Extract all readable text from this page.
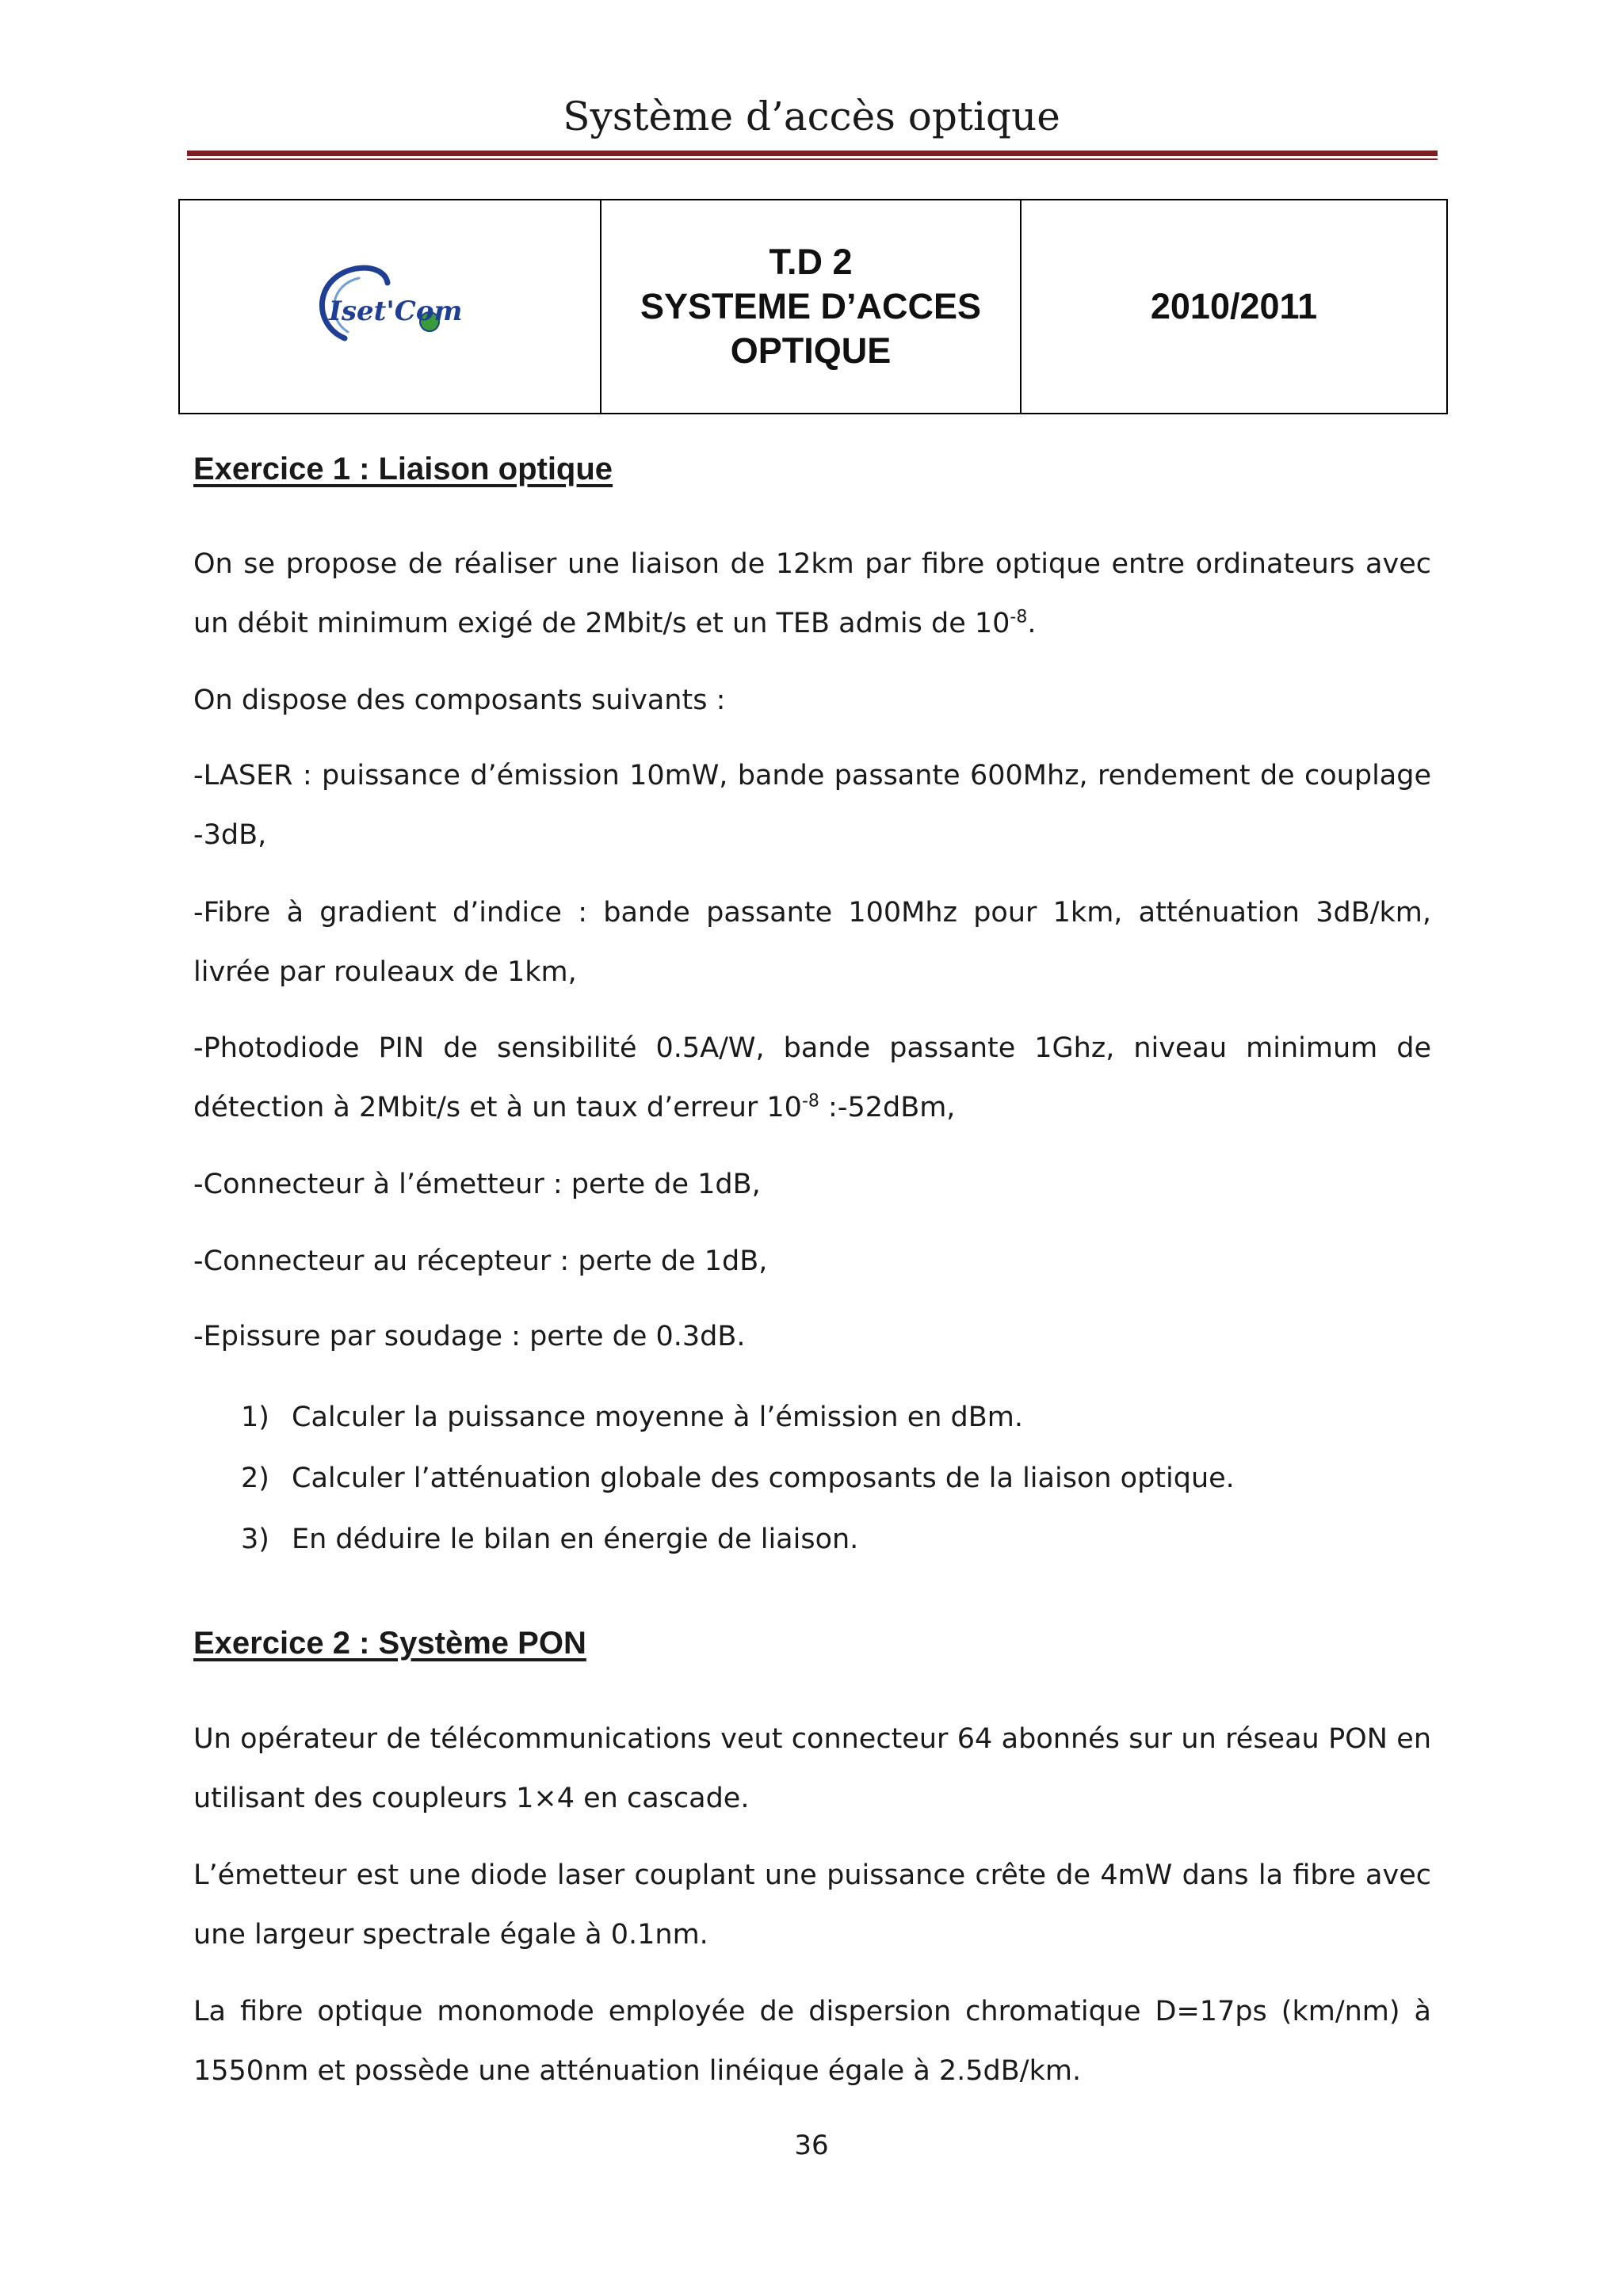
Système d’accès optique
Iset'Com
T.D 2
SYSTEME D’ACCES
OPTIQUE
2010/2011
Exercice 1 : Liaison optique
On se propose de réaliser une liaison de 12km par fibre optique entre ordinateurs avec un débit minimum exigé de 2Mbit/s et un TEB admis de $10^{-8}$.
On dispose des composants suivants :
-LASER : puissance d’émission 10mW, bande passante 600Mhz, rendement de couplage -3dB,
-Fibre à gradient d’indice : bande passante 100Mhz pour 1km, atténuation 3dB/km, livrée par rouleaux de 1km,
-Photodiode PIN de sensibilité 0.5A/W, bande passante 1Ghz, niveau minimum de détection à 2Mbit/s et à un taux d’erreur $10^{-8}$ :-52dBm,
-Connecteur à l’émetteur : perte de 1dB,
-Connecteur au récepteur : perte de 1dB,
-Epissure par soudage : perte de 0.3dB.
1) Calculer la puissance moyenne à l’émission en dBm.
2) Calculer l’atténuation globale des composants de la liaison optique.
3) En déduire le bilan en énergie de liaison.
Exercice 2 : Système PON
Un opérateur de télécommunications veut connecteur 64 abonnés sur un réseau PON en utilisant des coupleurs 1×4 en cascade.
L’émetteur est une diode laser couplant une puissance crête de 4mW dans la fibre avec une largeur spectrale égale à 0.1nm.
La fibre optique monomode employée de dispersion chromatique D=17ps (km/nm) à 1550nm et possède une atténuation linéique égale à 2.5dB/km.
36
